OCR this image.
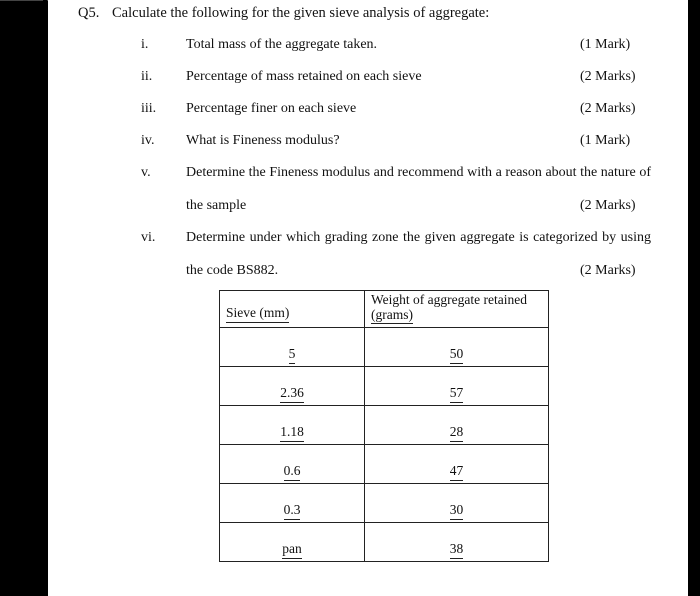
Q5. Calculate the following for the given sieve analysis of aggregate:
i.	Total mass of the aggregate taken.	(1 Mark)
ii. Percentage of mass retained on each sieve	(2 Marks)
iii. Percentage finer on each sieve	(2 Marks)
iv. What is Fineness modulus?	(1 Mark)
v.	Determine the Fineness modulus and recommend with a reason about the nature of
the sample	(2 Marks)
vi. Determine under which grading zone the given aggregate is categorized by using
the code BS882.	(2 Marks)
Sieve (mm)	Weight of aggregate retained
(grams)

5	50
2.36	57
1.18	28
0.6	47
0.3	30
pan	38
